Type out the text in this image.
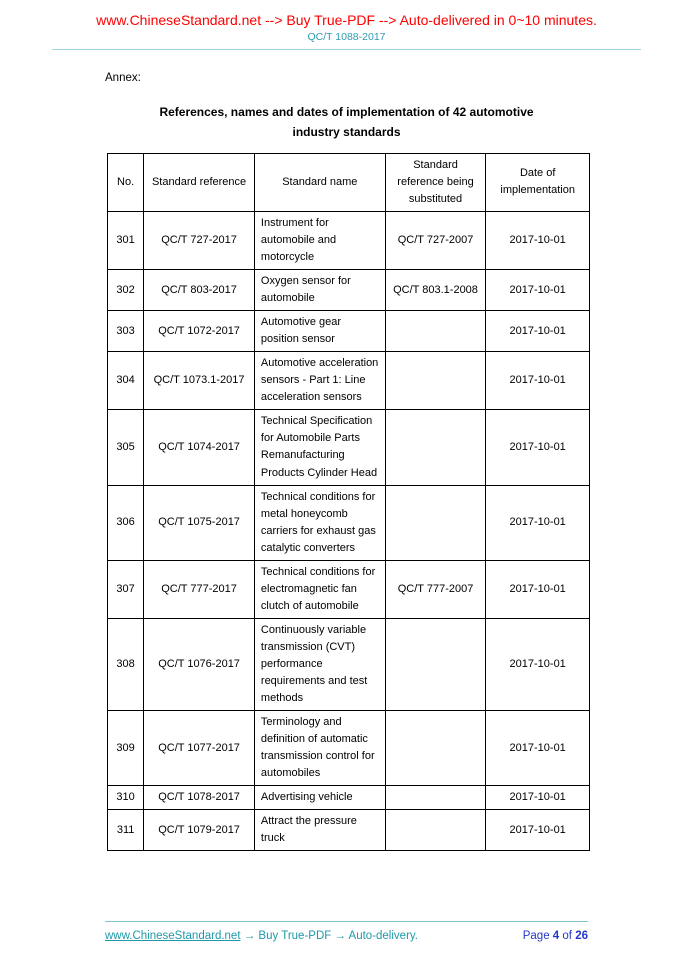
www.ChineseStandard.net --> Buy True-PDF --> Auto-delivered in 0~10 minutes.
QC/T 1088-2017
Annex:
References, names and dates of implementation of 42 automotive
industry standards
No.	Standard reference	Standard name	Standard reference being substituted	Date of implementation
301	QC/T 727-2017	Instrument for automobile and motorcycle	QC/T 727-2007	2017-10-01
302	QC/T 803-2017	Oxygen sensor for automobile	QC/T 803.1-2008	2017-10-01
303	QC/T 1072-2017	Automotive gear position sensor		2017-10-01
304	QC/T 1073.1-2017	Automotive acceleration sensors - Part 1: Line acceleration sensors		2017-10-01
305	QC/T 1074-2017	Technical Specification for Automobile Parts Remanufacturing Products Cylinder Head		2017-10-01
306	QC/T 1075-2017	Technical conditions for metal honeycomb carriers for exhaust gas catalytic converters		2017-10-01
307	QC/T 777-2017	Technical conditions for electromagnetic fan clutch of automobile	QC/T 777-2007	2017-10-01
308	QC/T 1076-2017	Continuously variable transmission (CVT) performance requirements and test methods		2017-10-01
309	QC/T 1077-2017	Terminology and definition of automatic transmission control for automobiles		2017-10-01
310	QC/T 1078-2017	Advertising vehicle		2017-10-01
311	QC/T 1079-2017	Attract the pressure truck		2017-10-01
www.ChineseStandard.net → Buy True-PDF → Auto-delivery.	Page 4 of 26
